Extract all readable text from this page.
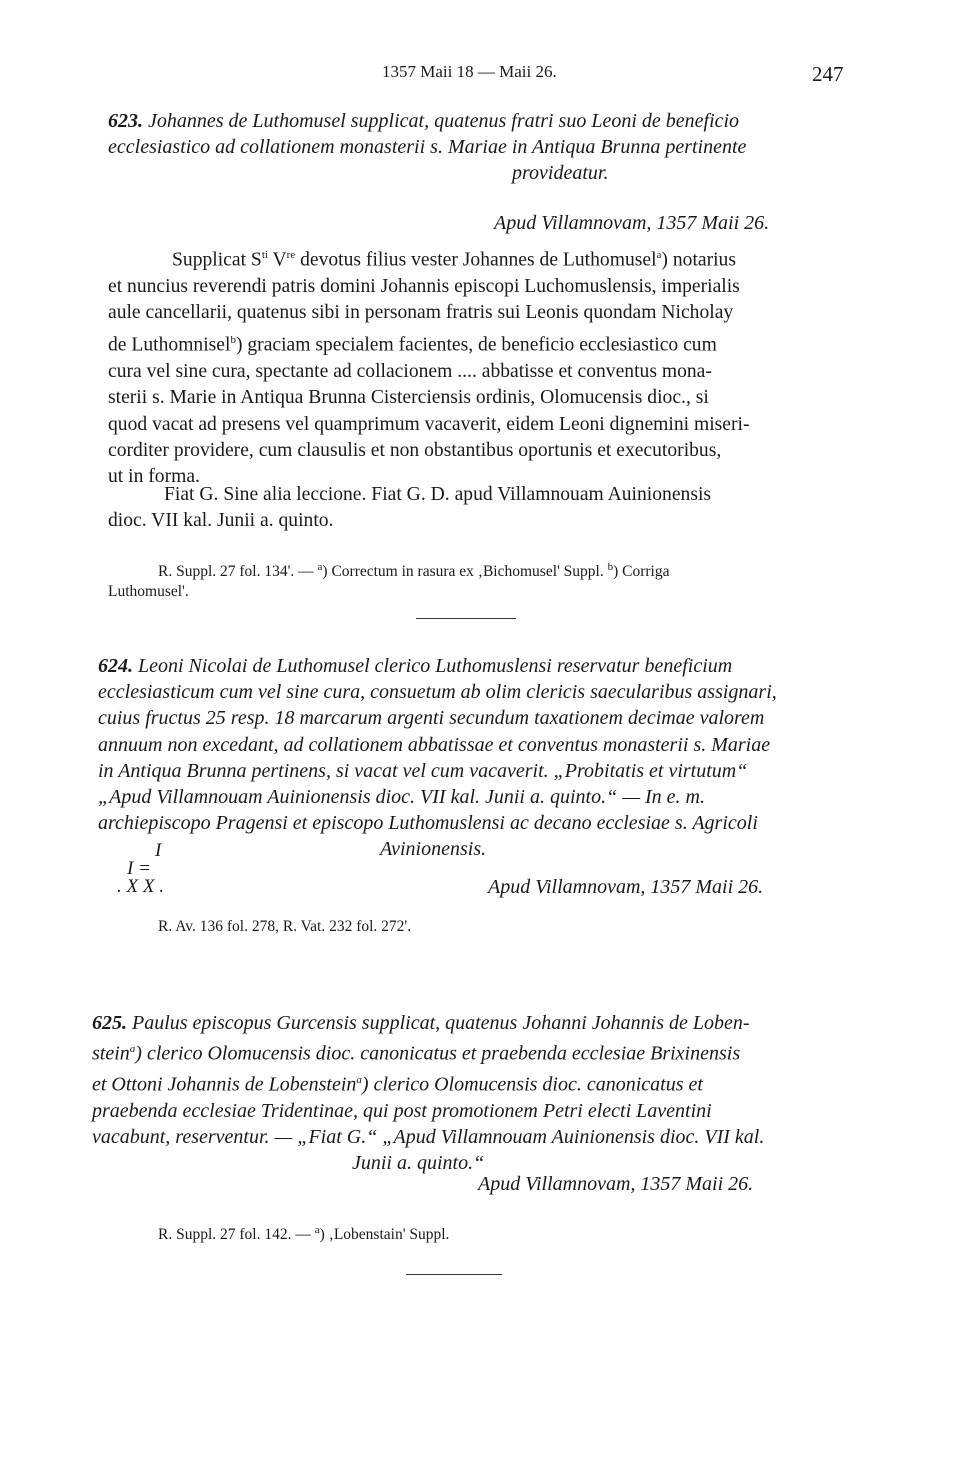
1357 Maii 18 — Maii 26.	247

623. Johannes de Luthomusel supplicat, quatenus fratri suo Leoni de beneficio

ecclesiastico ad collationem monasterii s. Mariae in Antiqua Brunna pertinente

provideatur.

Apud Villamnovam, 1357 Maii 26.

Supplicat $S^{ti}$ Vre devotus filius vester Johannes de Luthomusel$^a$) notarius

et nuncius reverendi patris domini Johannis episcopi Luchomuslensis, imperialis

aule cancellarii, quatenus sibi in personam fratris sui Leonis quondam Nicholay

de Luthomnisel$^b$) graciam specialem facientes, de beneficio ecclesiastico cum

cura vel sine cura, spectante ad collacionem .... abbatisse et conventus mona-

sterii s. Marie in Antiqua Brunna Cisterciensis ordinis, Olomucensis dioc., si

quod vacat ad presens vel quamprimum vacaverit, eidem Leoni dignemini miseri-

corditer providere, cum clausulis et non obstantibus oportunis et executoribus,

ut in forma.

Fiat G. Sine alia leccione. Fiat G. D. apud Villamnouam Auinionensis

dioc. VII kal. Junii a. quinto.

R. Suppl. 27 fol. 134'. — $^a$) Correctum in rasura ex ‚Bichomusel' Suppl. $^b$) Corriga

Luthomusel'.

624. Leoni Nicolai de Luthomusel clerico Luthomuslensi reservatur beneficium

ecclesiasticum cum vel sine cura, consuetum ab olim clericis saecularibus assignari,

cuius fructus 25 resp. 18 marcarum argenti secundum taxationem decimae valorem

annuum non excedant, ad collationem abbatissae et conventus monasterii s. Mariae

in Antiqua Brunna pertinens, si vacat vel cum vacaverit. „Probitatis et virtutum“

„Apud Villamnouam Auinionensis dioc. VII kal. Junii a. quinto.“ — In e. m.

archiepiscopo Pragensi et episcopo Luthomuslensi ac decano ecclesiae s. Agricoli

Avinionensis.

I
I =
. X X .	Apud Villamnovam, 1357 Maii 26.
R. Av. 136 fol. 278, R. Vat. 232 fol. 272'.

625. Paulus episcopus Gurcensis supplicat, quatenus Johanni Johannis de Loben-

stein$^a$) clerico Olomucensis dioc. canonicatus et praebenda ecclesiae Brixinensis

et Ottoni Johannis de Lobenstein$^a$) clerico Olomucensis dioc. canonicatus et

praebenda ecclesiae Tridentinae, qui post promotionem Petri electi Laventini

vacabunt, reserventur. — „Fiat G.“ „Apud Villamnouam Auinionensis dioc. VII kal.

Junii a. quinto.“

Apud Villamnovam, 1357 Maii 26.
R. Suppl. 27 fol. 142. — $^a$) ‚Lobenstain' Suppl.
